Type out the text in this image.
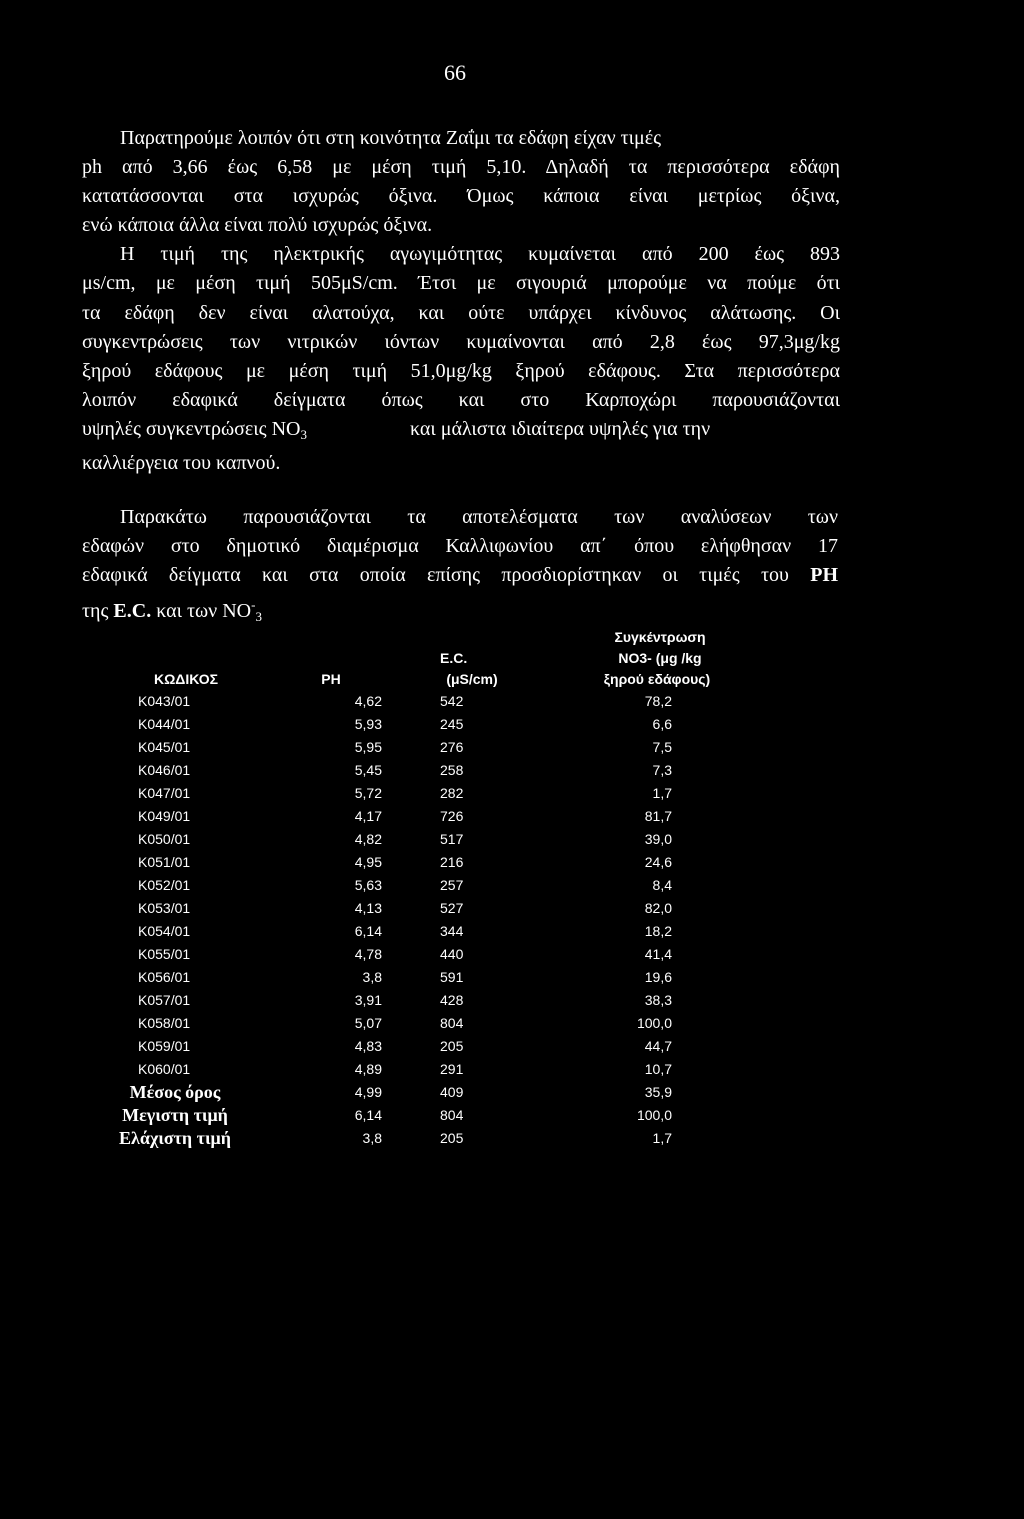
66
Παρατηρούμε λοιπόν ότι στη κοινότητα Ζαΐμι τα εδάφη είχαν τιμές
ph από 3,66 έως 6,58 με μέση τιμή 5,10. Δηλαδή τα περισσότερα εδάφη
κατατάσσονται στα ισχυρώς όξινα. Όμως κάποια είναι μετρίως όξινα,
ενώ κάποια άλλα είναι πολύ ισχυρώς όξινα.
Η τιμή της ηλεκτρικής αγωγιμότητας κυμαίνεται από 200 έως 893
μs/cm, με μέση τιμή 505μS/cm. Έτσι με σιγουριά μπορούμε να πούμε ότι
τα εδάφη δεν είναι αλατούχα, και ούτε υπάρχει κίνδυνος αλάτωσης. Οι
συγκεντρώσεις των νιτρικών ιόντων κυμαίνονται από 2,8 έως 97,3μg/kg
ξηρού εδάφους με μέση τιμή 51,0μg/kg ξηρού εδάφους. Στα περισσότερα
λοιπόν εδαφικά δείγματα όπως και στο Καρποχώρι παρουσιάζονται
υψηλές συγκεντρώσεις $NO_3$	και μάλιστα ιδιαίτερα υψηλές για την
καλλιέργεια του καπνού.
Παρακάτω παρουσιάζονται τα αποτελέσματα των αναλύσεων των
εδαφών στο δημοτικό διαμέρισμα Καλλιφωνίου απ΄ όπου ελήφθησαν 17
εδαφικά δείγματα και στα οποία επίσης προσδιορίστηκαν οι τιμές του PH
της E.C. και των $NO^-_3$
Συγκέντρωση
E.C.	NO3- (μg /kg
ΚΩΔΙΚΟΣ	PH	(μS/cm)	ξηρού εδάφους)
K043/01	4,62	542	78,2
K044/01	5,93	245	6,6
K045/01	5,95	276	7,5
K046/01	5,45	258	7,3
K047/01	5,72	282	1,7
K049/01	4,17	726	81,7
K050/01	4,82	517	39,0
K051/01	4,95	216	24,6
K052/01	5,63	257	8,4
K053/01	4,13	527	82,0
K054/01	6,14	344	18,2
K055/01	4,78	440	41,4
K056/01	3,8	591	19,6
K057/01	3,91	428	38,3
K058/01	5,07	804	100,0
K059/01	4,83	205	44,7
K060/01	4,89	291	10,7
Μέσος όρος	4,99	409	35,9
Μεγιστη τιμή	6,14	804	100,0
Ελάχιστη τιμή	3,8	205	1,7
